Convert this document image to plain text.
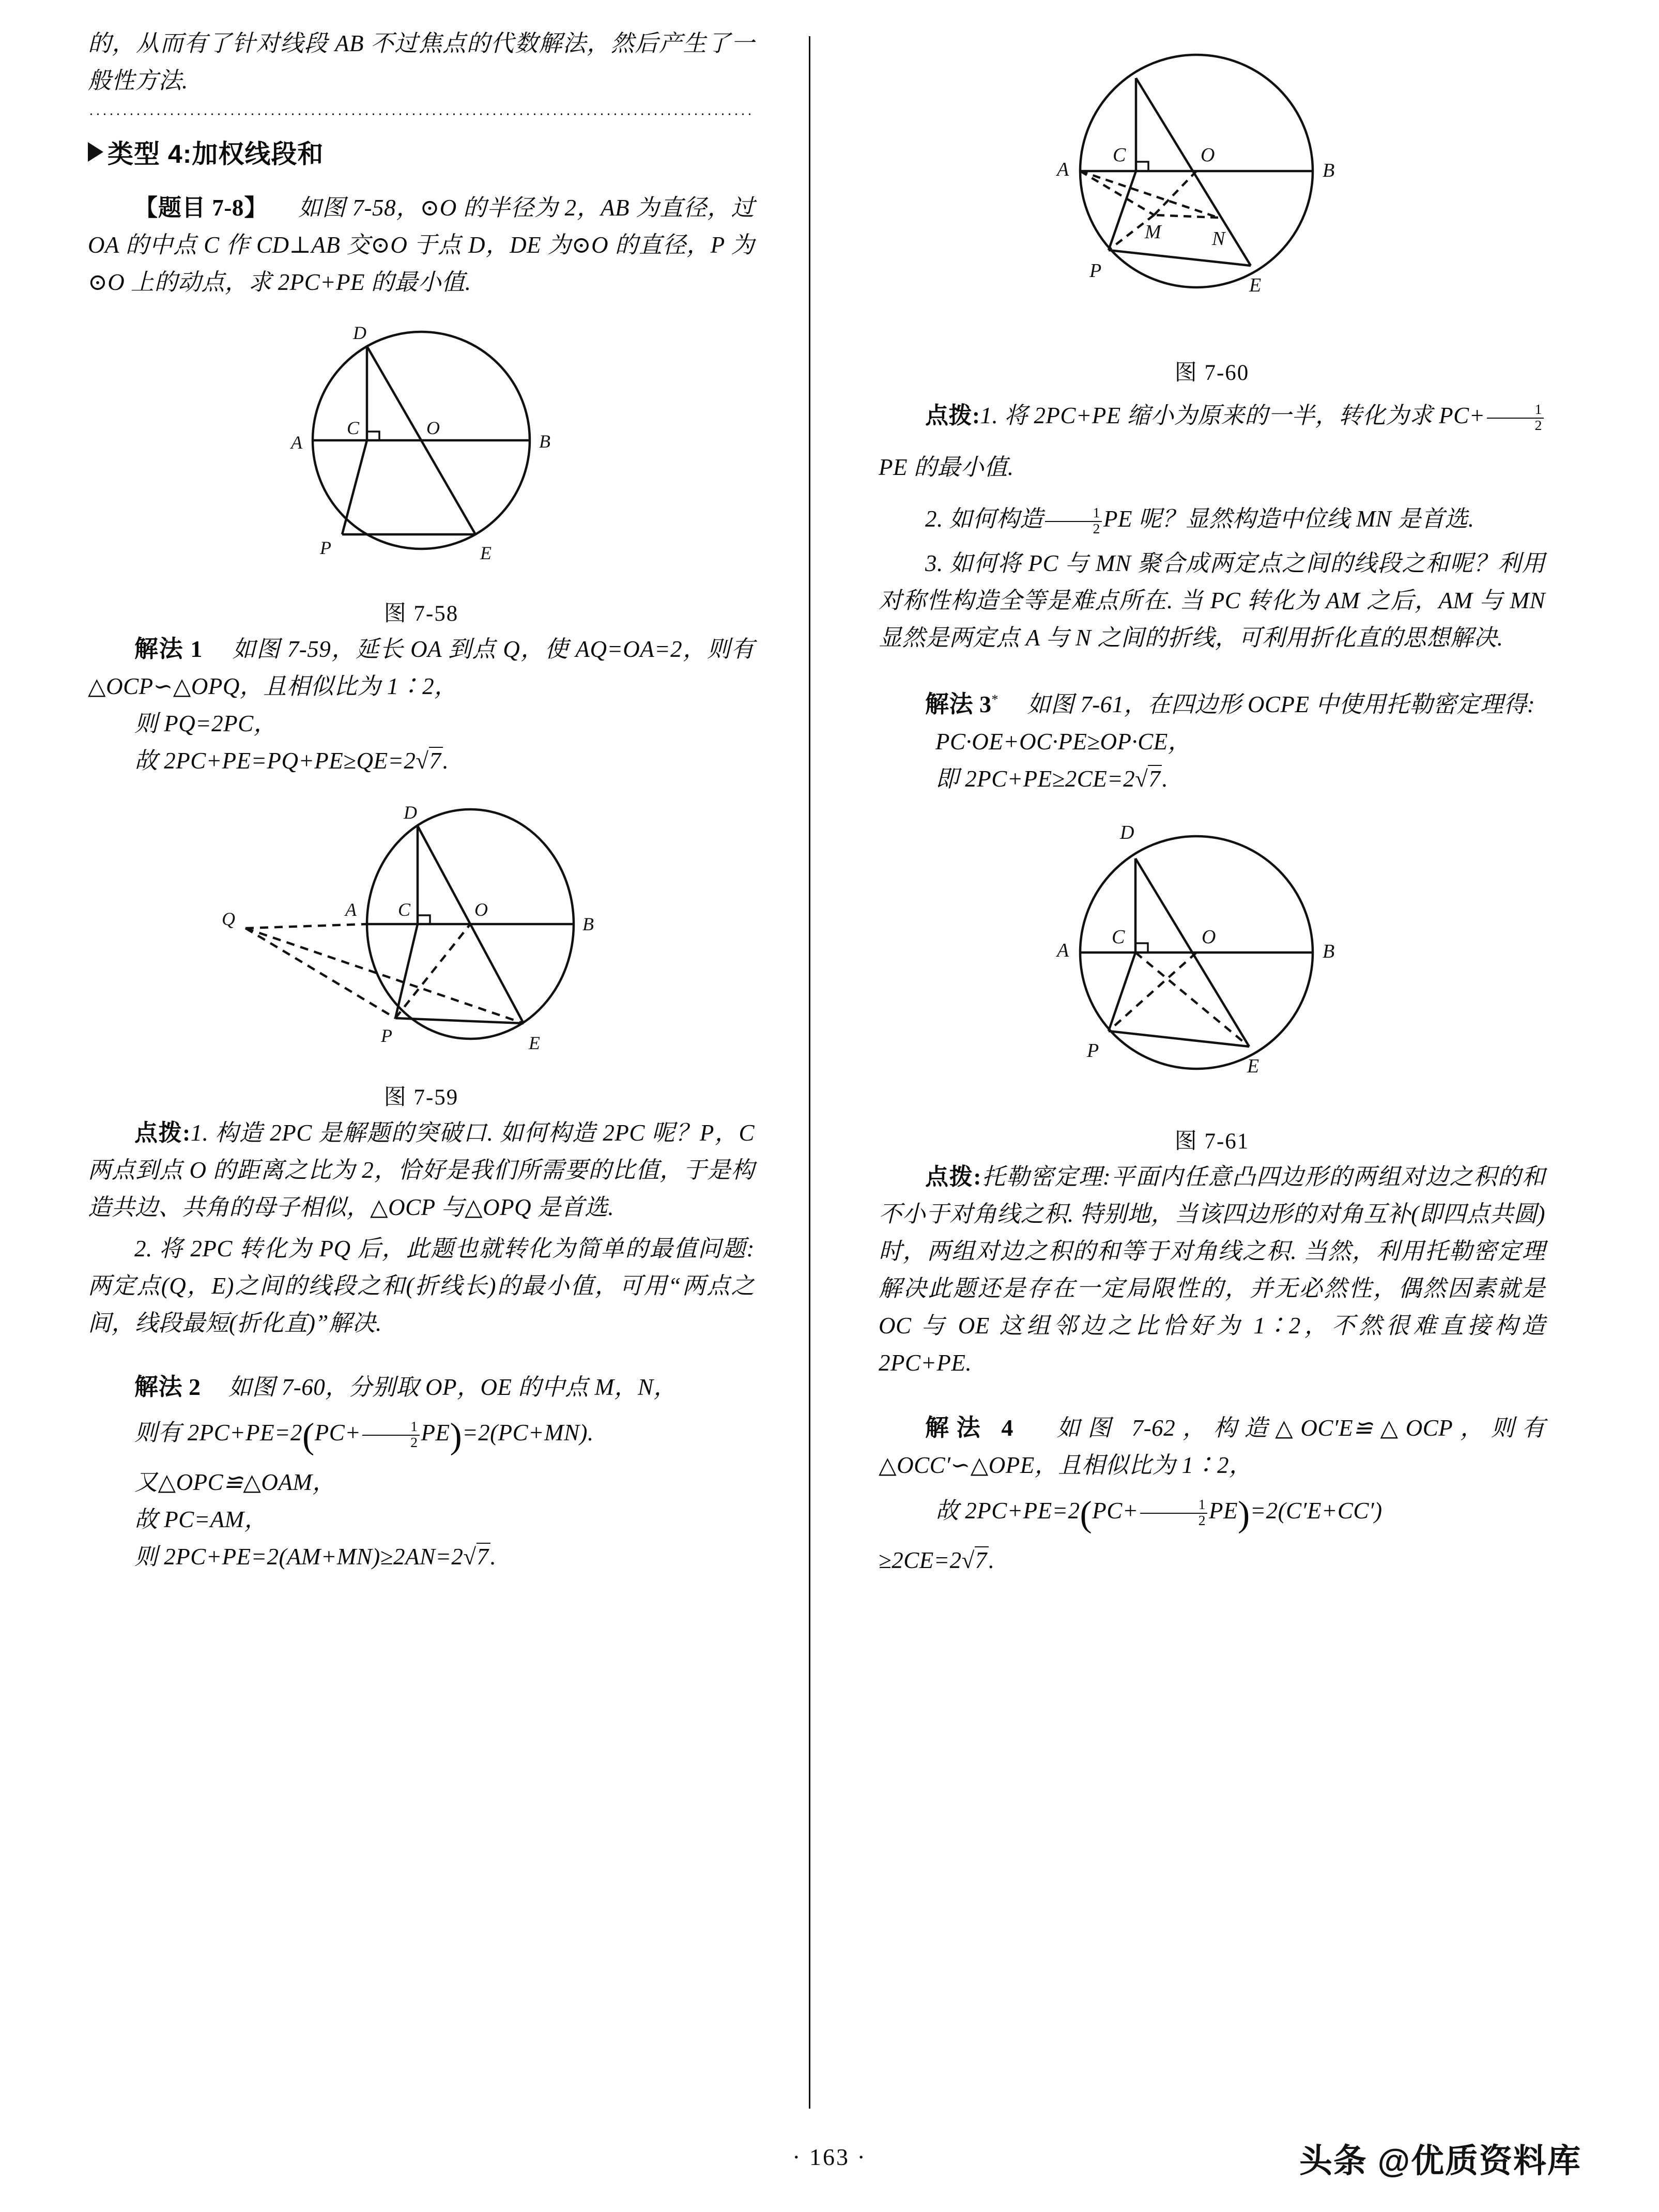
的，从而有了针对线段 AB 不过焦点的代数解法，然后产生了一般性方法.

类型 4:加权线段和

【题目 7-8】 如图 7-58，⊙O 的半径为 2，AB 为直径，过 OA 的中点 C 作 CD⊥AB 交⊙O 于点 D，DE 为⊙O 的直径，P 为⊙O 上的动点，求 2PC+PE 的最小值.

D
C	O
A	B
P	E
图 7-58

解法 1 如图 7-59，延长 OA 到点 Q，使 AQ=OA=2，则有△OCP∽△OPQ，且相似比为 1∶2，

则 PQ=2PC，

故 2PC+PE=PQ+PE≥QE=2√7.

D
Q	A C	O
B
P	E
图 7-59

点拨:1. 构造 2PC 是解题的突破口. 如何构造 2PC 呢？P，C 两点到点 O 的距离之比为 2，恰好是我们所需要的比值，于是构造共边、共角的母子相似，△OCP 与△OPQ 是首选.

2. 将 2PC 转化为 PQ 后，此题也就转化为简单的最值问题:两定点(Q，E)之间的线段之和(折线长)的最小值，可用“两点之间，线段最短(折化直)”解决.

解法 2 如图 7-60，分别取 OP，OE 的中点 M，N，

则有 $2PC+PE=2(PC+ \frac{1}{2} PE)=2(PC+MN)$.

又△OPC≌△OAM，

故 PC=AM，

则 2PC+PE=2(AM+MN)≥2AN=2√7.

C	O
A	B
M	N
P
E
图 7-60

点拨:1. 将 2PC+PE 缩小为原来的一半，转化为求 $PC+ \frac{1}{2}$
PE 的最小值.

2. 如何构造 $\frac{1}{2}$ PE 呢？显然构造中位线 MN 是首选.

3. 如何将 PC 与 MN 聚合成两定点之间的线段之和呢？利用对称性构造全等是难点所在. 当 PC 转化为 AM 之后，AM 与 MN 显然是两定点 A 与 N 之间的折线，可利用折化直的思想解决.

解法 3* 如图 7-61，在四边形 OCPE 中使用托勒密定理得:

PC·OE+OC·PE≥OP·CE，

即 2PC+PE≥2CE=2√7.

D
C	O
A	B
P
E
图 7-61

点拨:托勒密定理:平面内任意凸四边形的两组对边之积的和不小于对角线之积. 特别地，当该四边形的对角互补(即四点共圆)时，两组对边之积的和等于对角线之积. 当然，利用托勒密定理解决此题还是存在一定局限性的，并无必然性，偶然因素就是 OC 与 OE 这组邻边之比恰好为 1∶2，不然很难直接构造 2PC+PE.

解法 4 如图 7-62，构造△OC′E≌△OCP，则有△OCC′∽△OPE，且相似比为 1∶2，

故 $2PC+PE=2(PC+ \frac{1}{2} PE)=2(C'E+CC')$

≥2CE=2√7.

· 163 ·	头条 @优质资料库
